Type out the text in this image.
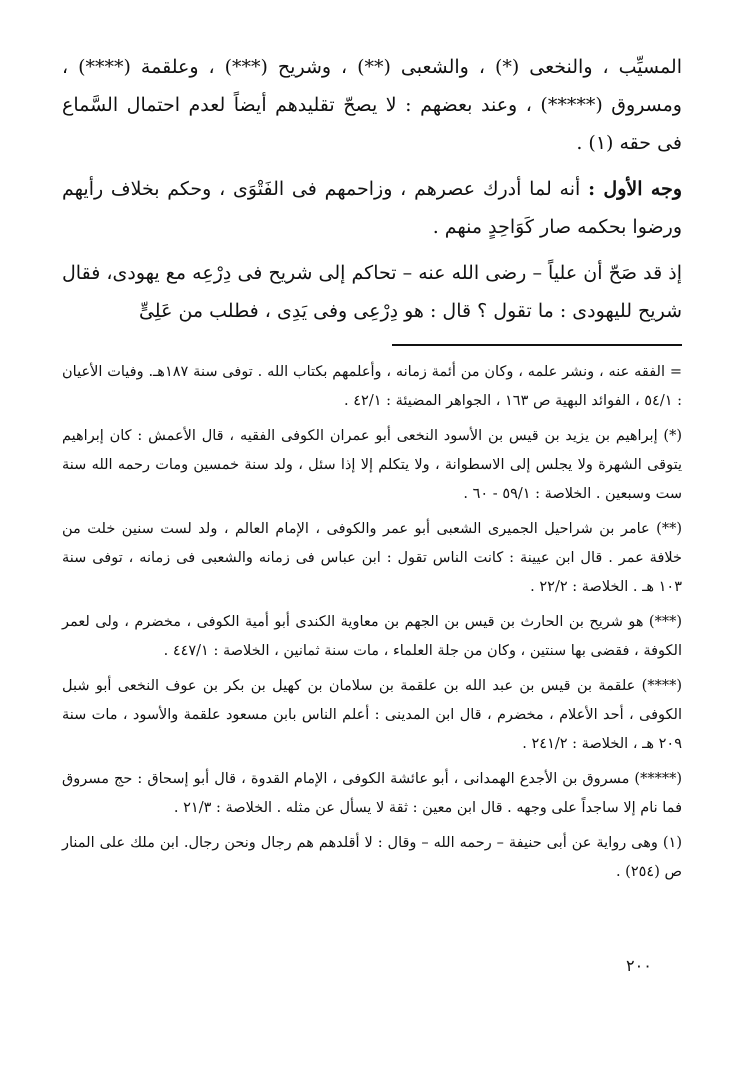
المسيِّب ، والنخعى (*) ، والشعبى (**) ، وشريح (***) ، وعلقمة (****) ، ومسروق (*****) ، وعند بعضهم : لا يصحّ تقليدهم أيضاً لعدم احتمال السَّماع فى حقه (١) .

وجه الأول : أنه لما أدرك عصرهم ، وزاحمهم فى الفَتْوَى ، وحكم بخلاف رأيهم ورضوا بحكمه صار كَوَاحِدٍ منهم .

إذ قد صَحّ أن علياً – رضى الله عنه – تحاكم إلى شريح فى دِرْعِه مع يهودى، فقال شريح لليهودى : ما تقول ؟ قال : هو دِرْعِى وفى يَدِى ، فطلب من عَلِىٍّ

= الفقه عنه ، ونشر علمه ، وكان من أئمة زمانه ، وأعلمهم بكتاب الله . توفى سنة ١٨٧هـ. وفيات الأعيان : ٥٤/١ ، الفوائد البهية ص ١٦٣ ، الجواهر المضيئة : ٤٢/١ .

(*) إبراهيم بن يزيد بن قيس بن الأسود النخعى أبو عمران الكوفى الفقيه ، قال الأعمش : كان إبراهيم يتوقى الشهرة ولا يجلس إلى الاسطوانة ، ولا يتكلم إلا إذا سئل ، ولد سنة خمسين ومات رحمه الله سنة ست وسبعين . الخلاصة : ٥٩/١ - ٦٠ .

(**) عامر بن شراحيل الجميرى الشعبى أبو عمر والكوفى ، الإمام العالم ، ولد لست سنين خلت من خلافة عمر . قال ابن عيينة : كانت الناس تقول : ابن عباس فى زمانه والشعبى فى زمانه ، توفى سنة ١٠٣ هـ . الخلاصة : ٢٢/٢ .

(***) هو شريح بن الحارث بن قيس بن الجهم بن معاوية الكندى أبو أمية الكوفى ، مخضرم ، ولى لعمر الكوفة ، فقضى بها سنتين ، وكان من جلة العلماء ، مات سنة ثمانين ، الخلاصة : ٤٤٧/١ .

(****) علقمة بن قيس بن عبد الله بن علقمة بن سلامان بن كهيل بن بكر بن عوف النخعى أبو شبل الكوفى ، أحد الأعلام ، مخضرم ، قال ابن المدينى : أعلم الناس بابن مسعود علقمة والأسود ، مات سنة ٢٠٩ هـ ، الخلاصة : ٢٤١/٢ .

(*****) مسروق بن الأجدع الهمدانى ، أبو عائشة الكوفى ، الإمام القدوة ، قال أبو إسحاق : حج مسروق فما نام إلا ساجداً على وجهه . قال ابن معين : ثقة لا يسأل عن مثله . الخلاصة : ٢١/٣ .

(١) وهى رواية عن أبى حنيفة – رحمه الله – وقال : لا أقلدهم هم رجال ونحن رجال. ابن ملك على المنار ص (٢٥٤) .

٢٠٠
